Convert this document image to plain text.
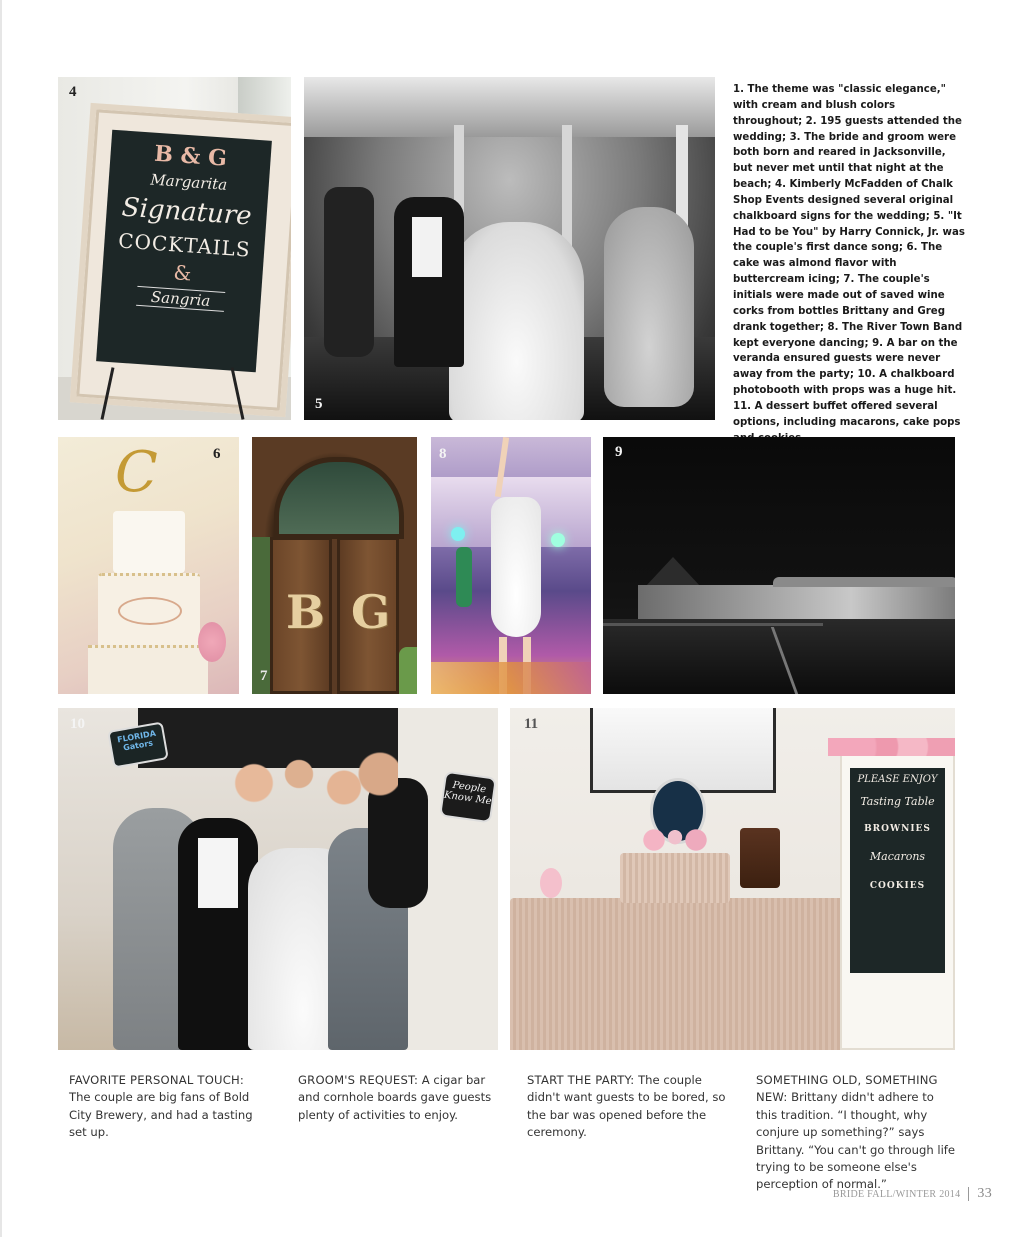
B & G
Margarita
Signature
COCKTAILS
&
Sangria
4
5
1. The theme was "classic elegance," with cream and blush colors throughout; 2. 195 guests attended the wedding; 3. The bride and groom were both born and reared in Jacksonville, but never met until that night at the beach; 4. Kimberly McFadden of Chalk Shop Events designed several original chalkboard signs for the wedding; 5. "It Had to be You" by Harry Connick, Jr. was the couple's first dance song; 6. The cake was almond flavor with buttercream icing; 7. The couple's initials were made out of saved wine corks from bottles Brittany and Greg drank together; 8. The River Town Band kept everyone dancing; 9. A bar on the veranda ensured guests were never away from the party; 10. A chalkboard photobooth with props was a huge hit. 11. A dessert buffet offered several options, including macarons, cake pops
C	6
B G
7
8	9
FLORIDA Gators
People Know Me
10
PLEASE ENJOY
Tasting Table
BROWNIES
Macarons
COOKIES
11
FAVORITE PERSONAL TOUCH: The couple are big fans of Bold City Brewery, and had a tasting set up.
GROOM'S REQUEST: A cigar bar and cornhole boards gave guests plenty of activities to enjoy.
START THE PARTY: The couple didn't want guests to be bored, so the bar was opened before the ceremony.
SOMETHING OLD, SOMETHING NEW: Brittany didn't adhere to this tradition. “I thought, why conjure up something?” says Brittany. “You can't go through life trying to be someone else's perception of normal.”
BRIDE FALL/WINTER 2014 33
